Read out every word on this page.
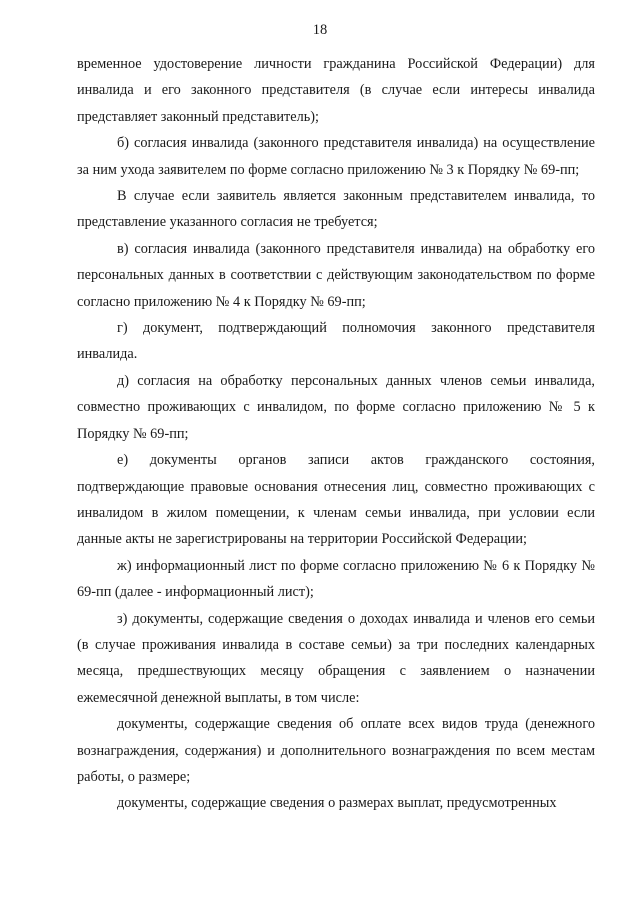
18

временное удостоверение личности гражданина Российской Федерации) для инвалида и его законного представителя (в случае если интересы инвалида представляет законный представитель);

б) согласия инвалида (законного представителя инвалида) на осуществление за ним ухода заявителем по форме согласно приложению № 3 к Порядку № 69-пп;

В случае если заявитель является законным представителем инвалида, то представление указанного согласия не требуется;

в) согласия инвалида (законного представителя инвалида) на обработку его персональных данных в соответствии с действующим законодательством по форме согласно приложению № 4 к Порядку № 69-пп;

г) документ, подтверждающий полномочия законного представителя инвалида.

д) согласия на обработку персональных данных членов семьи инвалида, совместно проживающих с инвалидом, по форме согласно приложению № 5 к Порядку № 69-пп;

е) документы органов записи актов гражданского состояния, подтверждающие правовые основания отнесения лиц, совместно проживающих с инвалидом в жилом помещении, к членам семьи инвалида, при условии если данные акты не зарегистрированы на территории Российской Федерации;

ж) информационный лист по форме согласно приложению № 6 к Порядку № 69-пп (далее - информационный лист);

з) документы, содержащие сведения о доходах инвалида и членов его семьи (в случае проживания инвалида в составе семьи) за три последних календарных месяца, предшествующих месяцу обращения с заявлением о назначении ежемесячной денежной выплаты, в том числе:

документы, содержащие сведения об оплате всех видов труда (денежного вознаграждения, содержания) и дополнительного вознаграждения по всем местам работы, о размере;

документы, содержащие сведения о размерах выплат, предусмотренных
